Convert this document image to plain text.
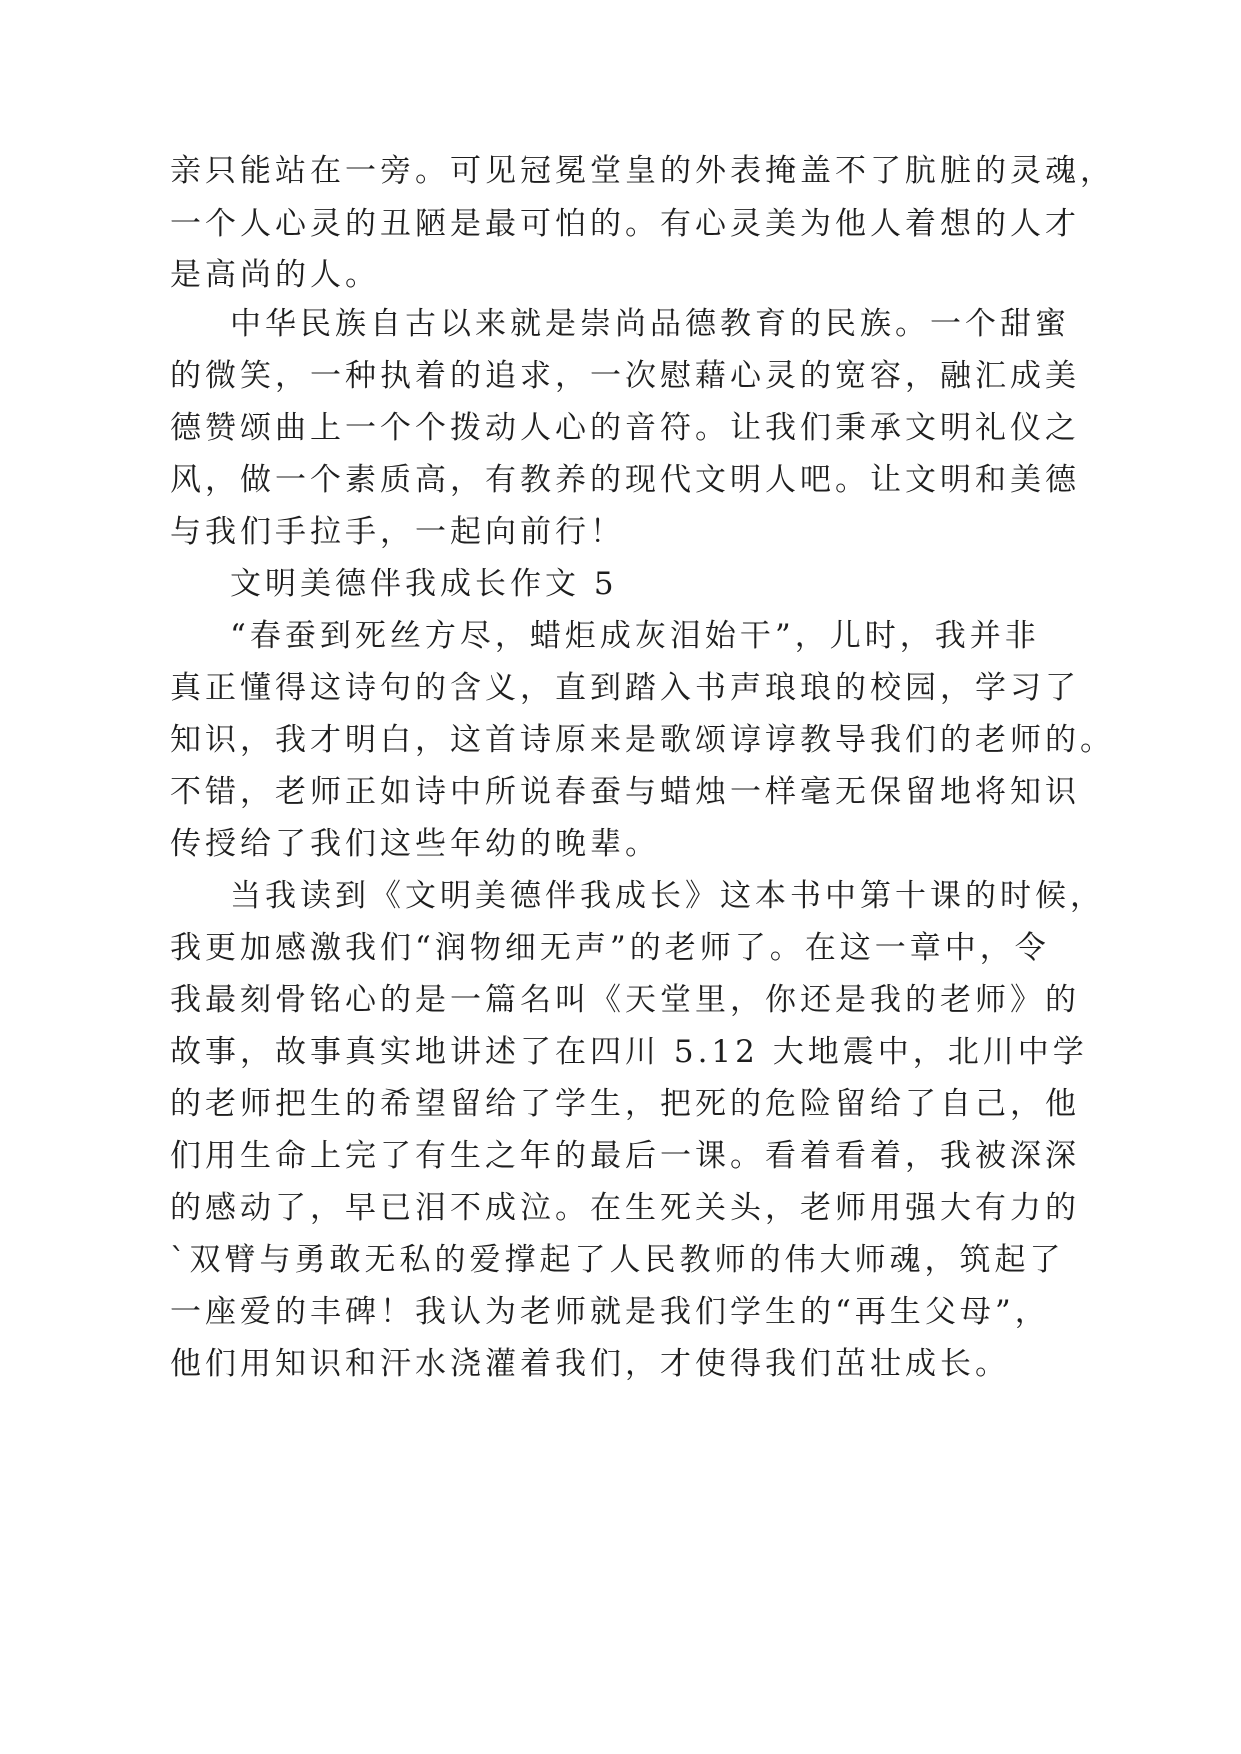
亲只能站在一旁。可见冠冕堂皇的外表掩盖不了肮脏的灵魂，
一个人心灵的丑陋是最可怕的。有心灵美为他人着想的人才
是高尚的人。
中华民族自古以来就是崇尚品德教育的民族。一个甜蜜
的微笑，一种执着的追求，一次慰藉心灵的宽容，融汇成美
德赞颂曲上一个个拨动人心的音符。让我们秉承文明礼仪之
风，做一个素质高，有教养的现代文明人吧。让文明和美德
与我们手拉手，一起向前行！
文明美德伴我成长作文 5
“春蚕到死丝方尽，蜡炬成灰泪始干”，儿时，我并非
真正懂得这诗句的含义，直到踏入书声琅琅的校园，学习了
知识，我才明白，这首诗原来是歌颂谆谆教导我们的老师的。
不错，老师正如诗中所说春蚕与蜡烛一样毫无保留地将知识
传授给了我们这些年幼的晚辈。
当我读到《文明美德伴我成长》这本书中第十课的时候，
我更加感激我们“润物细无声”的老师了。在这一章中，令
我最刻骨铭心的是一篇名叫《天堂里，你还是我的老师》的
故事，故事真实地讲述了在四川 5.12 大地震中，北川中学
的老师把生的希望留给了学生，把死的危险留给了自己，他
们用生命上完了有生之年的最后一课。看着看着，我被深深
的感动了，早已泪不成泣。在生死关头，老师用强大有力的
`双臂与勇敢无私的爱撑起了人民教师的伟大师魂，筑起了
一座爱的丰碑！我认为老师就是我们学生的“再生父母”，
他们用知识和汗水浇灌着我们，才使得我们茁壮成长。
